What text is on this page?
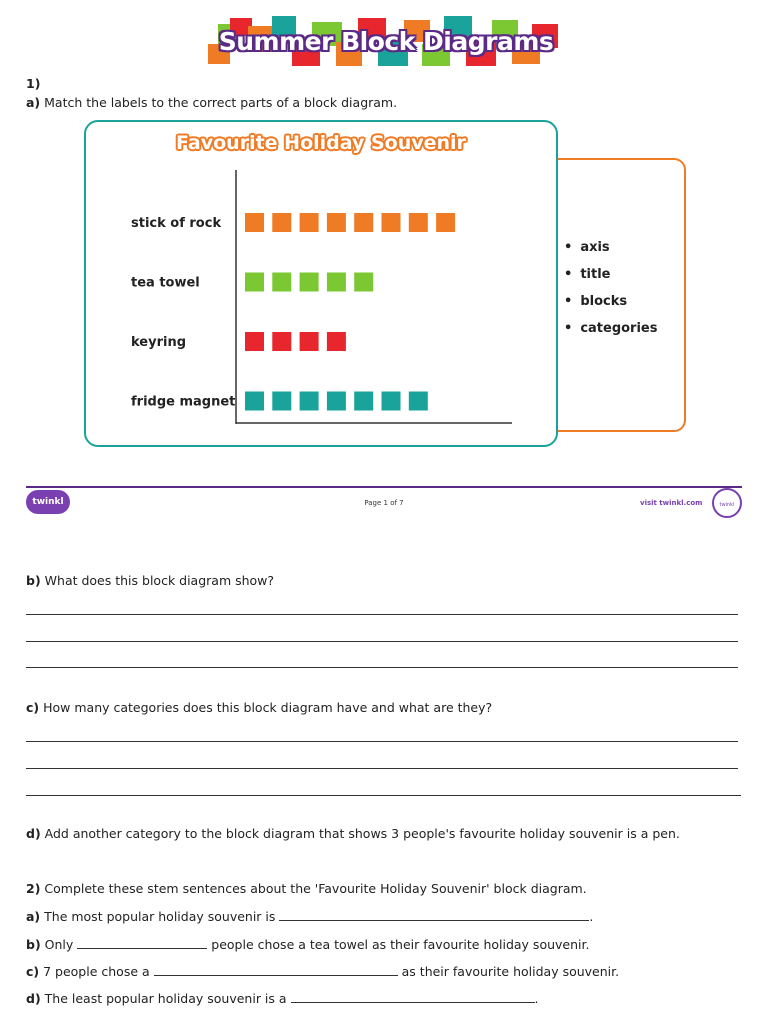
Summer Block Diagrams
1)
a) Match the labels to the correct parts of a block diagram.
• axis
• title
• blocks
• categories
Favourite Holiday Souvenir
stick of rock
tea towel
keyring
fridge magnet
twinkl	Page 1 of 7	visit twinkl.com	twinkl
b) What does this block diagram show?
c) How many categories does this block diagram have and what are they?
d) Add another category to the block diagram that shows 3 people's favourite holiday souvenir is a pen.
2) Complete these stem sentences about the 'Favourite Holiday Souvenir' block diagram.
a) The most popular holiday souvenir is	.
b) Only	people chose a tea towel as their favourite holiday souvenir.
c) 7 people chose a	as their favourite holiday souvenir.
d) The least popular holiday souvenir is a	.
